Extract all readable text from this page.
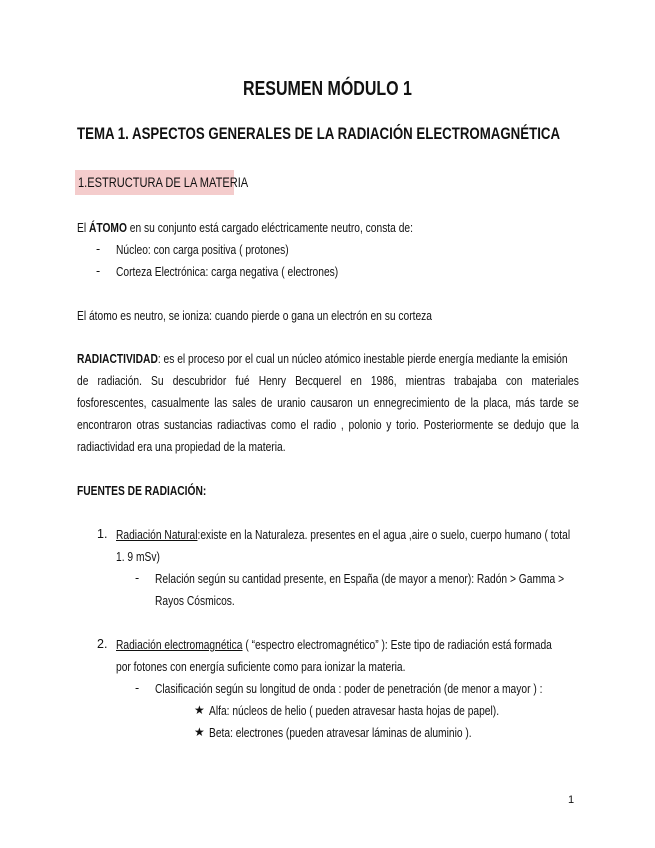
RESUMEN MÓDULO 1
TEMA 1. ASPECTOS GENERALES DE LA RADIACIÓN ELECTROMAGNÉTICA
1.ESTRUCTURA DE LA MATERIA
El ÁTOMO en su conjunto está cargado eléctricamente neutro, consta de:
- Núcleo: con carga positiva ( protones)
- Corteza Electrónica: carga negativa ( electrones)
El átomo es neutro, se ioniza: cuando pierde o gana un electrón en su corteza
RADIACTIVIDAD: es el proceso por el cual un núcleo atómico inestable pierde energía mediante la emisión
de radiación. Su descubridor fué Henry Becquerel en 1986, mientras trabajaba con materiales
fosforescentes, casualmente las sales de uranio causaron un ennegrecimiento de la placa, más tarde se
encontraron otras sustancias radiactivas como el radio , polonio y torio. Posteriormente se dedujo que la
radiactividad era una propiedad de la materia.
FUENTES DE RADIACIÓN:
1. Radiación Natural:existe en la Naturaleza. presentes en el agua ,aire o suelo, cuerpo humano ( total
1. 9 mSv)
- Relación según su cantidad presente, en España (de mayor a menor): Radón > Gamma >
Rayos Cósmicos.
2. Radiación electromagnética ( “espectro electromagnético” ): Este tipo de radiación está formada
por fotones con energía suficiente como para ionizar la materia.
- Clasificación según su longitud de onda : poder de penetración (de menor a mayor ) :
★ Alfa: núcleos de helio ( pueden atravesar hasta hojas de papel).
★ Beta: electrones (pueden atravesar láminas de aluminio ).
1
